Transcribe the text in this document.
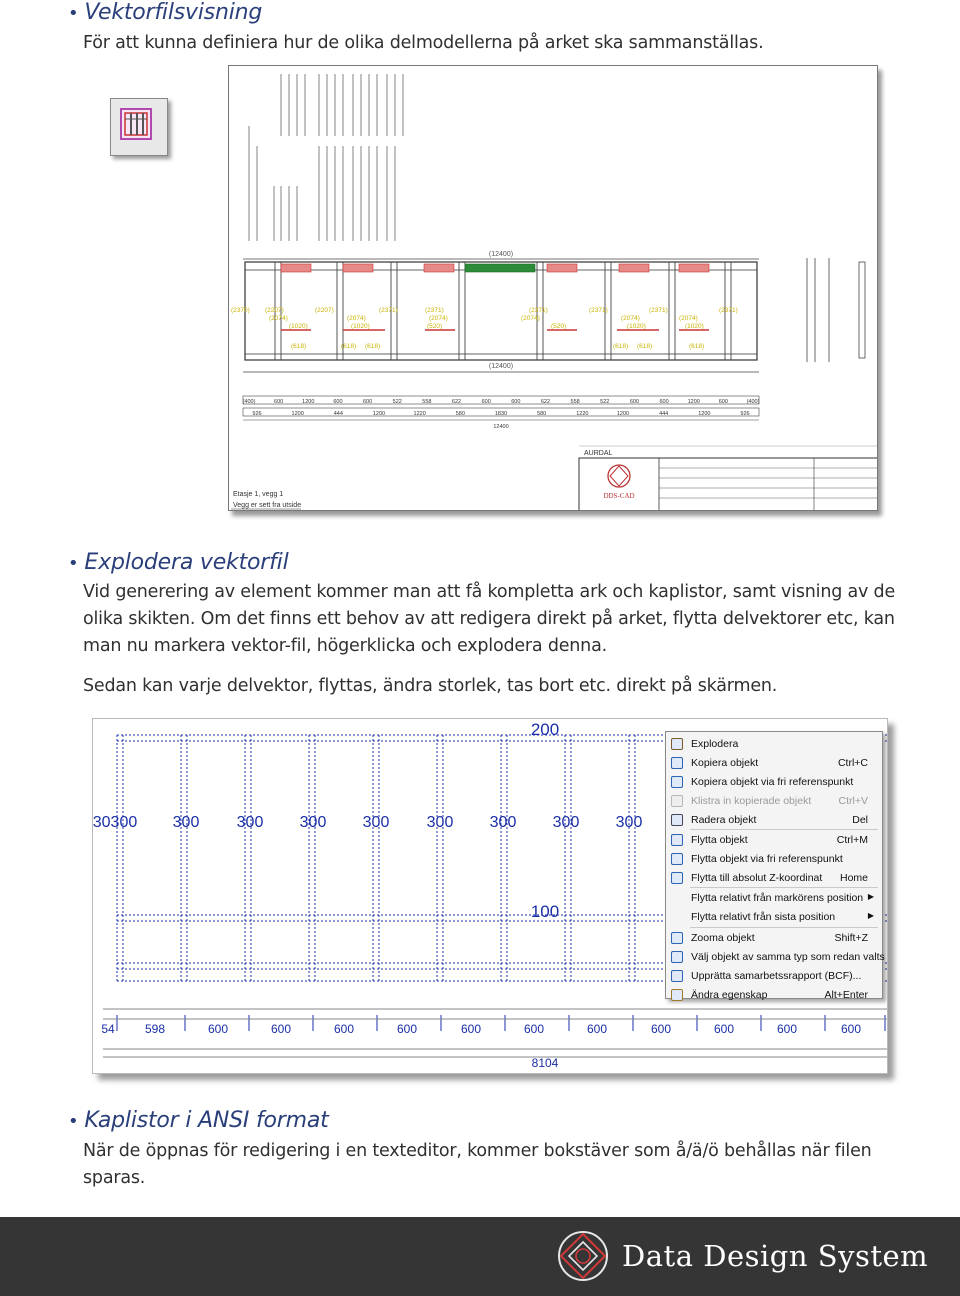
• Vektorfilsvisning
För att kunna definiera hur de olika delmodellerna på arket ska sammanställas.
(12400)
(2370) (2207)	(2207)	(2371)	(2371)	(2371)	(2371)	(2371)	(2371)
(2074)	(2074)	(2074)	(2074)	(2074)	(2074)
(1020)	(1020)	(520)	(520)	(1020)	(1020)
(618)	(618) (618)	(618) (618)	(618)
(12400)
(400)	600	1200	600	600	522	558	622	600	600	622	558	522	600	600	1200	600	(400)
926	1200	444	1200	1220	580	1830	580	1220	1200	444	1200	926
12400
AURDAL
DDS-CAD
Etasje 1, vegg 1
Vegg er sett fra utside
• Explodera vektorfil
Vid generering av element kommer man att få kompletta ark och kaplistor, samt visning av de olika skikten. Om det finns ett behov av att redigera direkt på arket, flytta delvektorer etc, kan man nu markera vektor-fil, högerklicka och explodera denna.
Sedan kan varje delvektor, flyttas, ändra storlek, tas bort etc. direkt på skärmen.
200
100
30300 300 300 300 300 300 300 300 300
54	598	600	600	600	600	600	600	600	600	600	600	600
8104
Explodera
Kopiera objekt	Ctrl+C
Kopiera objekt via fri referenspunkt
Klistra in kopierade objekt	Ctrl+V
Radera objekt	Del
Flytta objekt	Ctrl+M
Flytta objekt via fri referenspunkt
Flytta till absolut Z-koordinat Home
Flytta relativt från markörens position ▶
Flytta relativt från sista position	▶
Zooma objekt	Shift+Z
Välj objekt av samma typ som redan valts
Upprätta samarbetssrapport (BCF)...
Ändra egenskap	Alt+Enter
• Kaplistor i ANSI format
När de öppnas för redigering i en texteditor, kommer bokstäver som å/ä/ö behållas när filen sparas.
Data Design System
